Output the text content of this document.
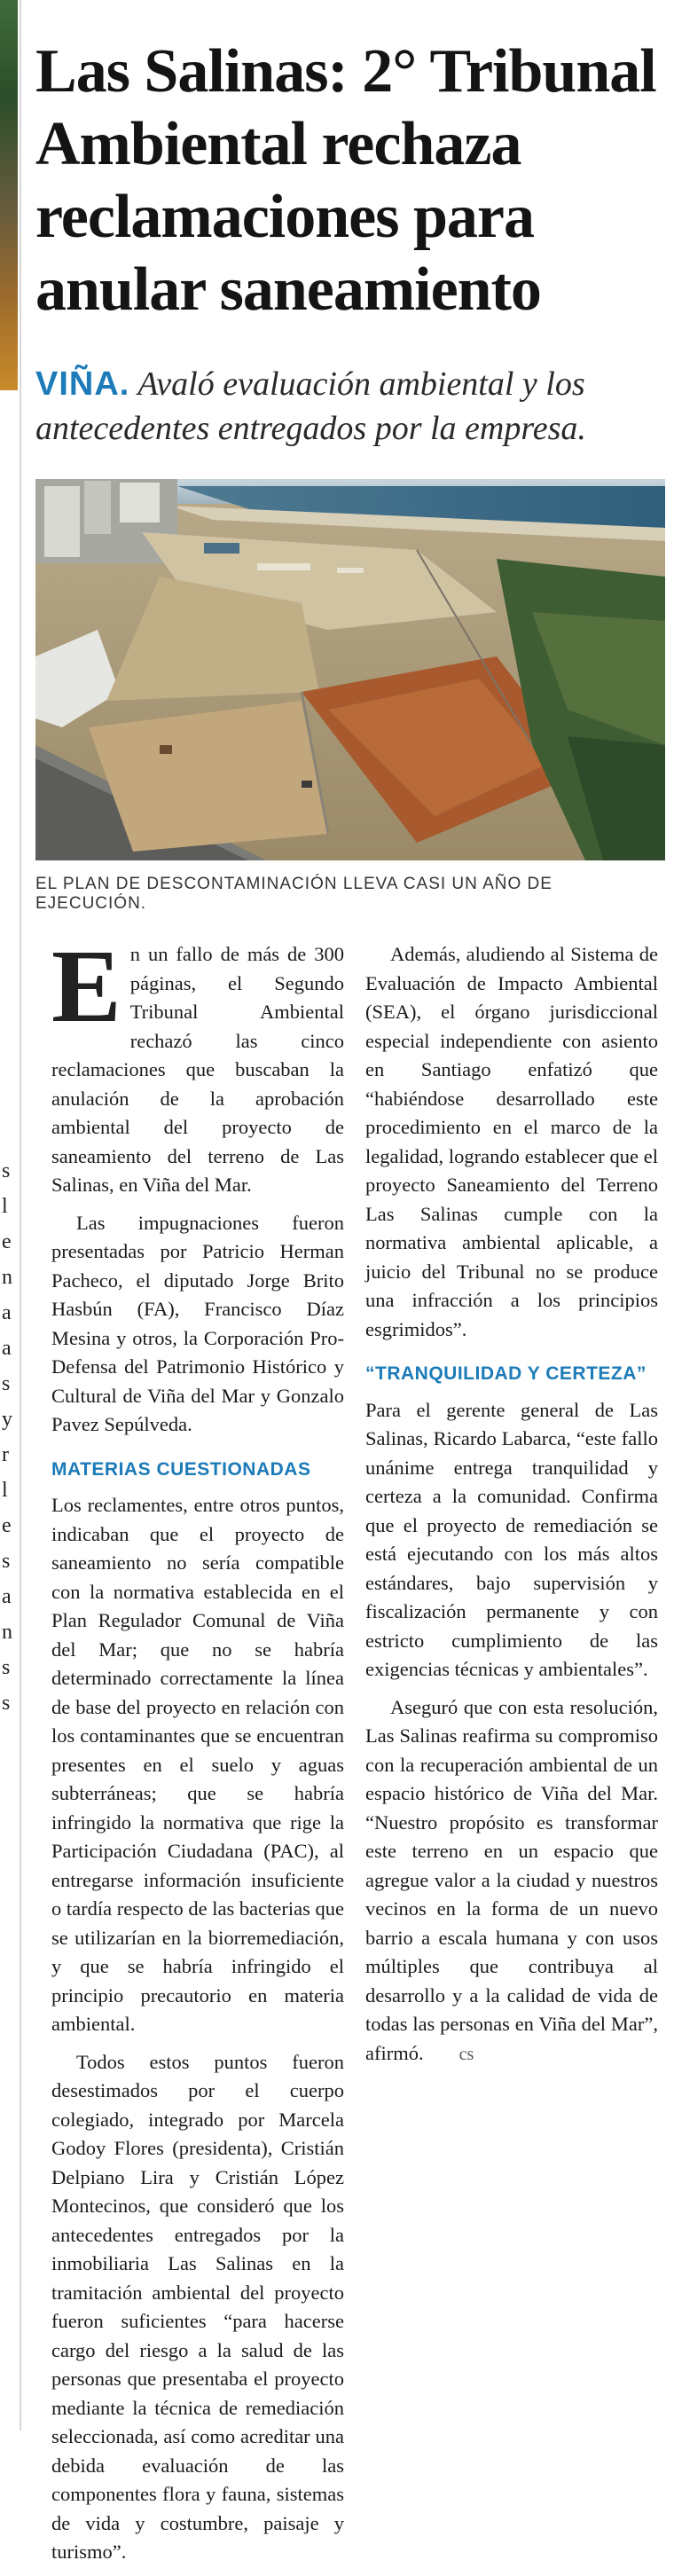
s
l
e
n
a
a
s
y
r
l
e
s
a
n
s
s
Las Salinas: 2° Tribunal Ambiental rechaza reclamaciones para anular saneamiento
VIÑA. Avaló evaluación ambiental y los antecedentes entregados por la empresa.
EL PLAN DE DESCONTAMINACIÓN LLEVA CASI UN AÑO DE EJECUCIÓN.

En un fallo de más de 300 páginas, el Segundo Tribunal Ambiental rechazó las cinco reclamaciones que buscaban la anulación de la aprobación ambiental del proyecto de saneamiento del terreno de Las Salinas, en Viña del Mar.

Las impugnaciones fueron presentadas por Patricio Herman Pacheco, el diputado Jorge Brito Hasbún (FA), Francisco Díaz Mesina y otros, la Corporación Pro-Defensa del Patrimonio Histórico y Cultural de Viña del Mar y Gonzalo Pavez Sepúlveda.

MATERIAS CUESTIONADAS

Los reclamentes, entre otros puntos, indicaban que el proyecto de saneamiento no sería compatible con la normativa establecida en el Plan Regulador Comunal de Viña del Mar; que no se habría determinado correctamente la línea de base del proyecto en relación con los contaminantes que se encuentran presentes en el suelo y aguas subterráneas; que se habría infringido la normativa que rige la Participación Ciudadana (PAC), al entregarse información insuficiente o tardía respecto de las bacterias que se utilizarían en la biorremediación, y que se habría infringido el principio precautorio en materia ambiental.

Todos estos puntos fueron desestimados por el cuerpo colegiado, integrado por Marcela Godoy Flores (presidenta), Cristián Delpiano Lira y Cristián López Montecinos, que consideró que los antecedentes entregados por la inmobiliaria Las Salinas en la tramitación ambiental del proyecto fueron suficientes “para hacerse cargo del riesgo a la salud de las personas que presentaba el proyecto mediante la técnica de remediación seleccionada, así como acreditar una debida evaluación de las componentes flora y fauna, sistemas de vida y costumbre, paisaje y turismo”.

Además, aludiendo al Sistema de Evaluación de Impacto Ambiental (SEA), el órgano jurisdiccional especial independiente con asiento en Santiago enfatizó que “habiéndose desarrollado este procedimiento en el marco de la legalidad, logrando establecer que el proyecto Saneamiento del Terreno Las Salinas cumple con la normativa ambiental aplicable, a juicio del Tribunal no se produce una infracción a los principios esgrimidos”.

“TRANQUILIDAD Y CERTEZA”

Para el gerente general de Las Salinas, Ricardo Labarca, “este fallo unánime entrega tranquilidad y certeza a la comunidad. Confirma que el proyecto de remediación se está ejecutando con los más altos estándares, bajo supervisión y fiscalización permanente y con estricto cumplimiento de las exigencias técnicas y ambientales”.

Aseguró que con esta resolución, Las Salinas reafirma su compromiso con la recuperación ambiental de un espacio histórico de Viña del Mar. “Nuestro propósito es transformar este terreno en un espacio que agregue valor a la ciudad y nuestros vecinos en la forma de un nuevo barrio a escala humana y con usos múltiples que contribuya al desarrollo y a la calidad de vida de todas las personas en Viña del Mar”, afirmó. cs
